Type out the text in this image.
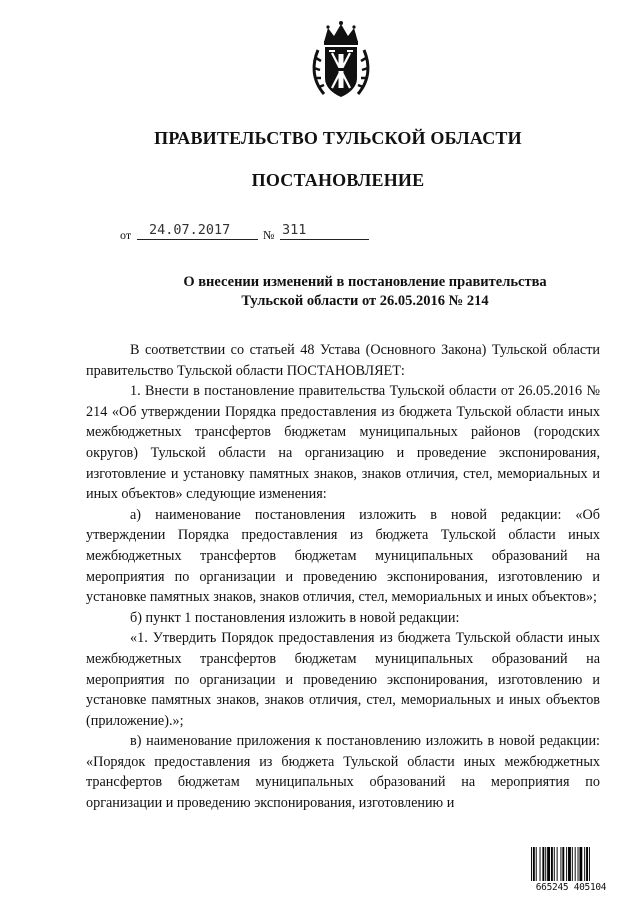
ПРАВИТЕЛЬСТВО ТУЛЬСКОЙ ОБЛАСТИ
ПОСТАНОВЛЕНИЕ
от 24.07.2017	№ 311
О внесении изменений в постановление правительства
Тульской области от 26.05.2016 № 214

В соответствии со статьей 48 Устава (Основного Закона) Тульской области правительство Тульской области ПОСТАНОВЛЯЕТ:

1. Внести в постановление правительства Тульской области от 26.05.2016 № 214 «Об утверждении Порядка предоставления из бюджета Тульской области иных межбюджетных трансфертов бюджетам муниципальных районов (городских округов) Тульской области на организацию и проведение экспонирования, изготовление и установку памятных знаков, знаков отличия, стел, мемориальных и иных объектов» следующие изменения:

а) наименование постановления изложить в новой редакции: «Об утверждении Порядка предоставления из бюджета Тульской области иных межбюджетных трансфертов бюджетам муниципальных образований на мероприятия по организации и проведению экспонирования, изготовлению и установке памятных знаков, знаков отличия, стел, мемориальных и иных объектов»;

б) пункт 1 постановления изложить в новой редакции:

«1. Утвердить Порядок предоставления из бюджета Тульской области иных межбюджетных трансфертов бюджетам муниципальных образований на мероприятия по организации и проведению экспонирования, изготовлению и установке памятных знаков, знаков отличия, стел, мемориальных и иных объектов (приложение).»;

в) наименование приложения к постановлению изложить в новой редакции: «Порядок предоставления из бюджета Тульской области иных межбюджетных трансфертов бюджетам муниципальных образований на мероприятия по организации и проведению экспонирования, изготовлению и

665245 405104
